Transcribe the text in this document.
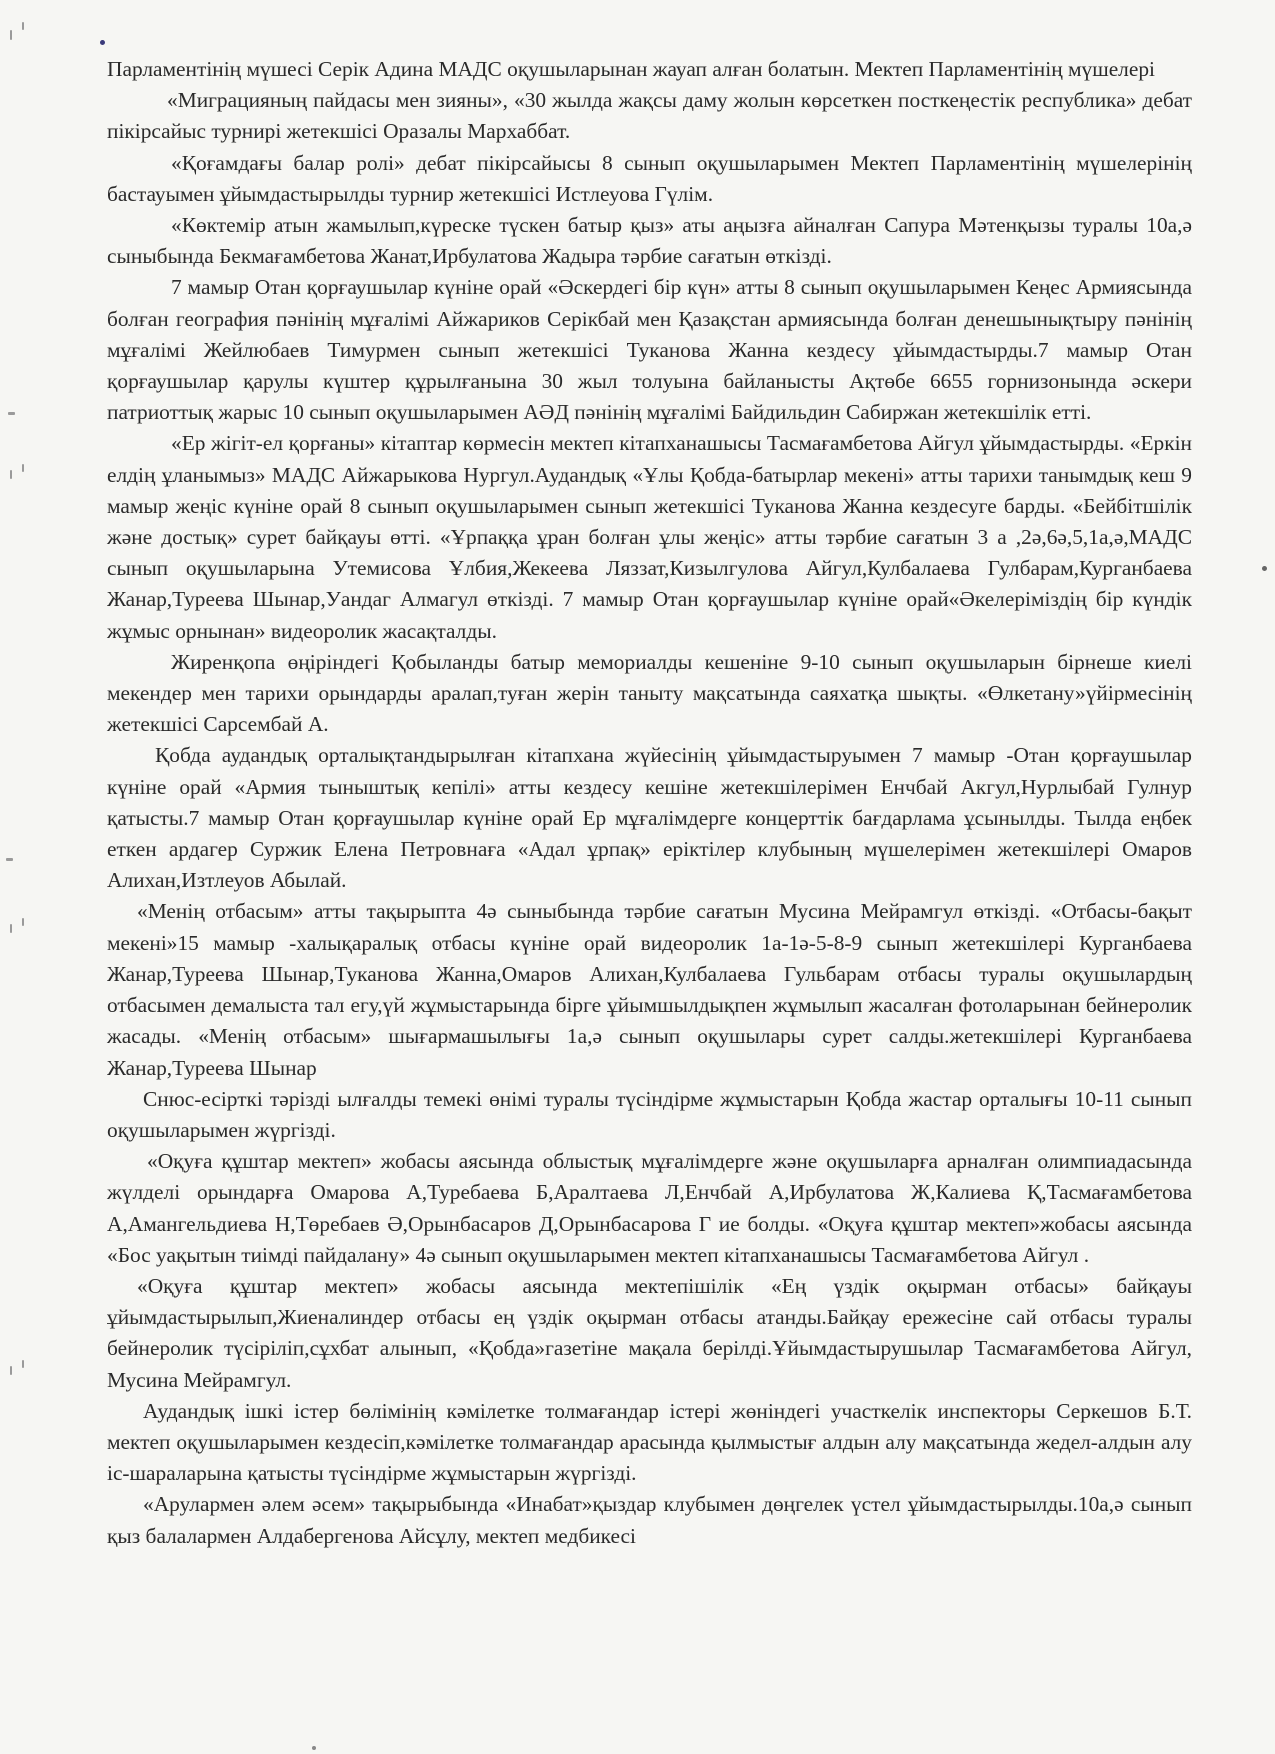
Парламентінің мүшесі Серік Адина МАДС оқушыларынан жауап алған болатын. Мектеп Парламентінің мүшелері

«Миграцияның пайдасы мен зияны», «30 жылда жақсы даму жолын көрсеткен посткеңестік республика» дебат пікірсайыс турнирі жетекшісі Оразалы Мархаббат.

«Қоғамдағы балар ролі» дебат пікірсайысы 8 сынып оқушыларымен Мектеп Парламентінің мүшелерінің бастауымен ұйымдастырылды турнир жетекшісі Истлеуова Гүлім.

«Көктемір атын жамылып,күреске түскен батыр қыз» аты аңызға айналған Сапура Мәтенқызы туралы 10а,ә сыныбында Бекмағамбетова Жанат,Ирбулатова Жадыра тәрбие сағатын өткізді.

7 мамыр Отан қорғаушылар күніне орай «Әскердегі бір күн» атты 8 сынып оқушыларымен Кеңес Армиясында болған география пәнінің мұғалімі Айжариков Серікбай мен Қазақстан армиясында болған денешынықтыру пәнінің мұғалімі Жейлюбаев Тимурмен сынып жетекшісі Туканова Жанна кездесу ұйымдастырды.7 мамыр Отан қорғаушылар қарулы күштер құрылғанына 30 жыл толуына байланысты Ақтөбе 6655 горнизонында әскери патриоттық жарыс 10 сынып оқушыларымен АӘД пәнінің мұғалімі Байдильдин Сабиржан жетекшілік етті.

«Ер жігіт-ел қорғаны» кітаптар көрмесін мектеп кітапханашысы Тасмағамбетова Айгул ұйымдастырды. «Еркін елдің ұланымыз» МАДС Айжарыкова Нургул.Аудандық «Ұлы Қобда-батырлар мекені» атты тарихи танымдық кеш 9 мамыр жеңіс күніне орай 8 сынып оқушыларымен сынып жетекшісі Туканова Жанна кездесуге барды. «Бейбітшілік және достық» сурет байқауы өтті. «Ұрпаққа ұран болған ұлы жеңіс» атты тәрбие сағатын 3 а ,2ә,6ә,5,1а,ә,МАДС сынып оқушыларына Утемисова Ұлбия,Жекеева Ляззат,Кизылгулова Айгул,Кулбалаева Гулбарам,Курганбаева Жанар,Туреева Шынар,Уандаг Алмагул өткізді. 7 мамыр Отан қорғаушылар күніне орай«Әкелеріміздің бір күндік жұмыс орнынан» видеоролик жасақталды.

Жиренқопа өңіріндегі Қобыланды батыр мемориалды кешеніне 9-10 сынып оқушыларын бірнеше киелі мекендер мен тарихи орындарды аралап,туған жерін таныту мақсатында саяхатқа шықты. «Өлкетану»үйірмесінің жетекшісі Сарсембай А.

Қобда аудандық орталықтандырылған кітапхана жүйесінің ұйымдастыруымен 7 мамыр -Отан қорғаушылар күніне орай «Армия тыныштық кепілі» атты кездесу кешіне жетекшілерімен Енчбай Акгул,Нурлыбай Гулнур қатысты.7 мамыр Отан қорғаушылар күніне орай Ер мұғалімдерге концерттік бағдарлама ұсынылды. Тылда еңбек еткен ардагер Суржик Елена Петровнаға «Адал ұрпақ» еріктілер клубының мүшелерімен жетекшілері Омаров Алихан,Изтлеуов Абылай.

«Менің отбасым» атты тақырыпта 4ә сыныбында тәрбие сағатын Мусина Мейрамгул өткізді. «Отбасы-бақыт мекені»15 мамыр -халықаралық отбасы күніне орай видеоролик 1а-1ә-5-8-9 сынып жетекшілері Курганбаева Жанар,Туреева Шынар,Туканова Жанна,Омаров Алихан,Кулбалаева Гульбарам отбасы туралы оқушылардың отбасымен демалыста тал егу,үй жұмыстарында бірге ұйымшылдықпен жұмылып жасалған фотоларынан бейнеролик жасады. «Менің отбасым» шығармашылығы 1а,ә сынып оқушылары сурет салды.жетекшілері Курганбаева Жанар,Туреева Шынар

Снюс-есірткі тәрізді ылғалды темекі өнімі туралы түсіндірме жұмыстарын Қобда жастар орталығы 10-11 сынып оқушыларымен жүргізді.

«Оқуға құштар мектеп» жобасы аясында облыстық мұғалімдерге және оқушыларға арналған олимпиадасында жүлделі орындарға Омарова А,Туребаева Б,Аралтаева Л,Енчбай А,Ирбулатова Ж,Калиева Қ,Тасмағамбетова А,Амангельдиева Н,Төребаев Ә,Орынбасаров Д,Орынбасарова Г ие болды. «Оқуға құштар мектеп»жобасы аясында «Бос уақытын тиімді пайдалану» 4ә сынып оқушыларымен мектеп кітапханашысы Тасмағамбетова Айгул .

«Оқуға құштар мектеп» жобасы аясында мектепішілік «Ең үздік оқырман отбасы» байқауы ұйымдастырылып,Жиеналиндер отбасы ең үздік оқырман отбасы атанды.Байқау ережесіне сай отбасы туралы бейнеролик түсіріліп,сұхбат алынып, «Қобда»газетіне мақала берілді.Ұйымдастырушылар Тасмағамбетова Айгул, Мусина Мейрамгул.

Аудандық ішкі істер бөлімінің кәмілетке толмағандар істері жөніндегі участкелік инспекторы Серкешов Б.Т. мектеп оқушыларымен кездесіп,кәмілетке толмағандар арасында қылмыстығ алдын алу мақсатында жедел-алдын алу іс-шараларына қатысты түсіндірме жұмыстарын жүргізді.

«Арулармен әлем әсем» тақырыбында «Инабат»қыздар клубымен дөңгелек үстел ұйымдастырылды.10а,ә сынып қыз балалармен Алдабергенова Айсұлу, мектеп медбикесі
